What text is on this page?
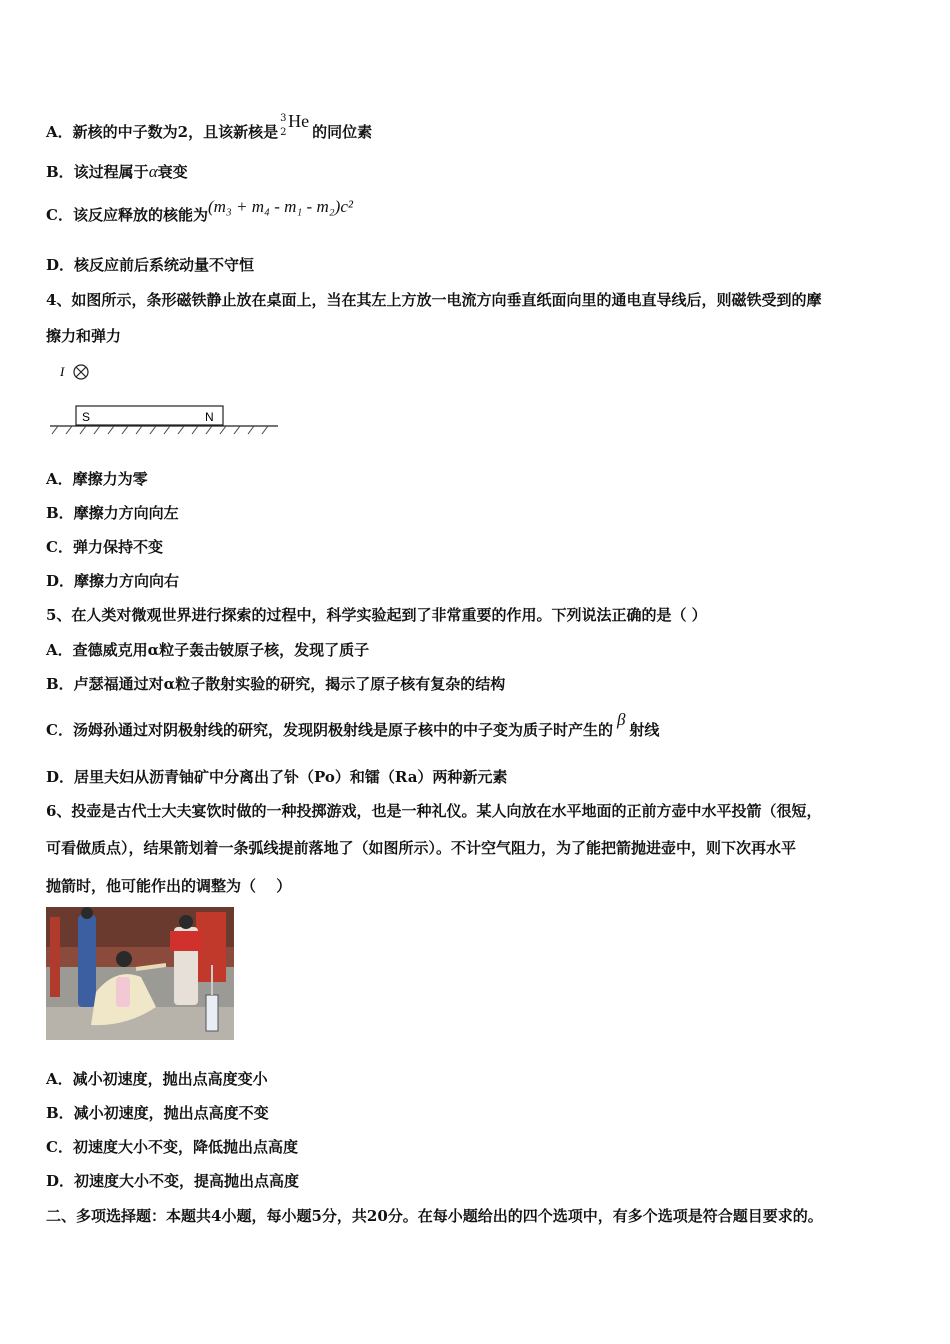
A．新核的中子数为2，且该新核是
3
2
He
的同位素
B．该过程属于α衰变
C．该反应释放的核能为(m₃ + m₄ - m₁ - m₂)c²
D．核反应前后系统动量不守恒
4、如图所示，条形磁铁静止放在桌面上，当在其左上方放一电流方向垂直纸面向里的通电直导线后，则磁铁受到的摩
擦力和弹力
I
S	N
A．摩擦力为零
B．摩擦力方向向左
C．弹力保持不变
D．摩擦力方向向右
5、在人类对微观世界进行探索的过程中，科学实验起到了非常重要的作用。下列说法正确的是（ ）
A．查德威克用α粒子轰击铍原子核，发现了质子
B．卢瑟福通过对α粒子散射实验的研究，揭示了原子核有复杂的结构
C．汤姆孙通过对阴极射线的研究，发现阴极射线是原子核中的中子变为质子时产生的β射线
D．居里夫妇从沥青铀矿中分离出了钋（Po）和镭（Ra）两种新元素
6、投壶是古代士大夫宴饮时做的一种投掷游戏，也是一种礼仪。某人向放在水平地面的正前方壶中水平投箭（很短，
可看做质点），结果箭划着一条弧线提前落地了（如图所示）。不计空气阻力，为了能把箭抛进壶中，则下次再水平
抛箭时，他可能作出的调整为（　 ）
A．减小初速度，抛出点高度变小
B．减小初速度，抛出点高度不变
C．初速度大小不变，降低抛出点高度
D．初速度大小不变，提高抛出点高度
二、多项选择题：本题共4小题，每小题5分，共20分。在每小题给出的四个选项中，有多个选项是符合题目要求的。
